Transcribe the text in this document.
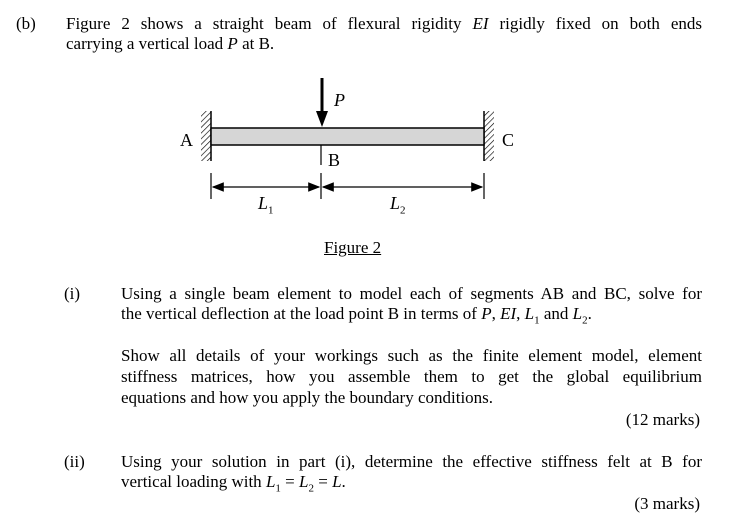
(b) Figure 2 shows a straight beam of flexural rigidity EI rigidly fixed on both ends
carrying a vertical load P at B.
P
A
B
C
$L_1$	$L_2$
Figure 2
(i) Using a single beam element to model each of segments AB and BC, solve for
the vertical deflection at the load point B in terms of P, EI, $L_1$ and $L_2$.
Show all details of your workings such as the finite element model, element
stiffness matrices, how you assemble them to get the global equilibrium
equations and how you apply the boundary conditions.
(12 marks)
(ii) Using your solution in part (i), determine the effective stiffness felt at B for
vertical loading with $L_1 = L_2 = L$.
(3 marks)
